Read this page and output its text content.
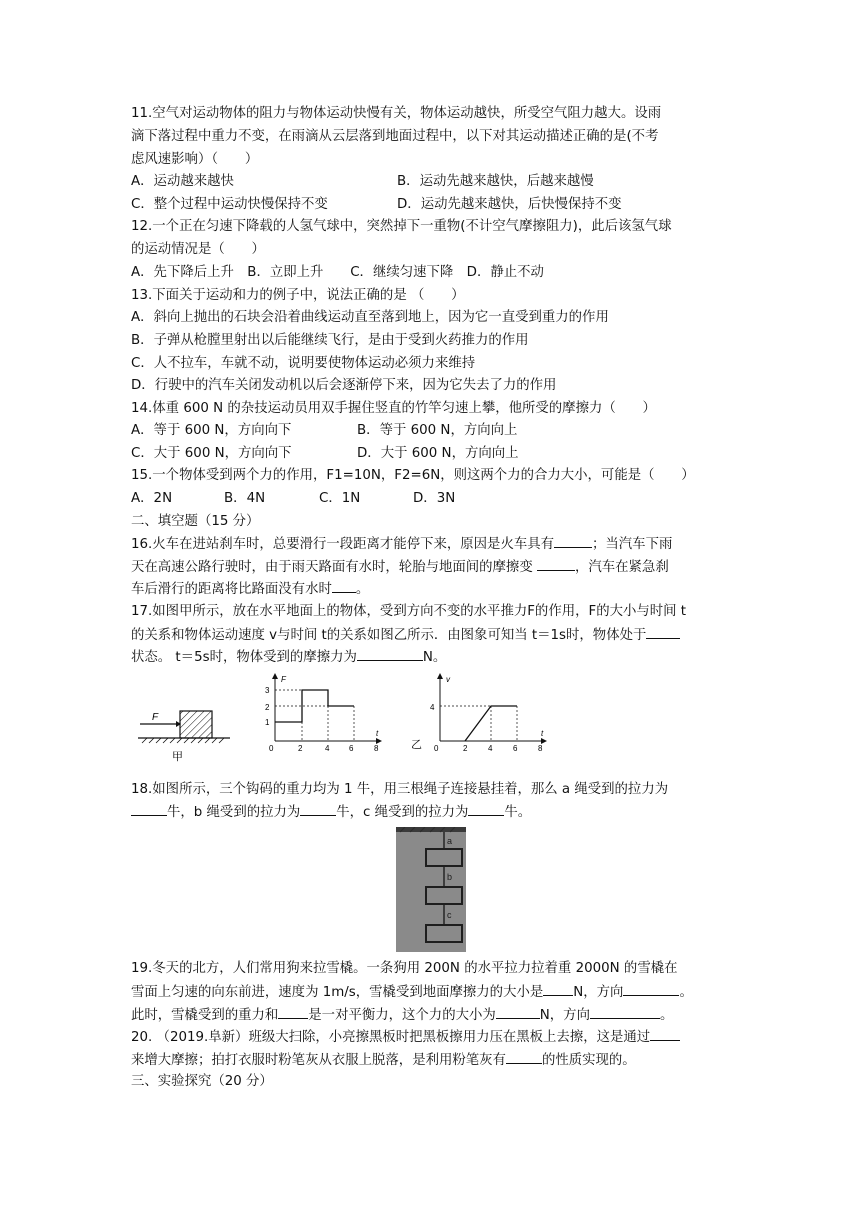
11.空气对运动物体的阻力与物体运动快慢有关，物体运动越快，所受空气阻力越大。设雨
滴下落过程中重力不变，在雨滴从云层落到地面过程中，以下对其运动描述正确的是(不考
虑风速影响）（　　）
A．运动越来越快	B．运动先越来越快，后越来越慢
C．整个过程中运动快慢保持不变	D．运动先越来越快，后快慢保持不变
12.一个正在匀速下降载的人氢气球中，突然掉下一重物(不计空气摩擦阻力)，此后该氢气球
的运动情况是（　　）
A．先下降后上升　B．立即上升　　C．继续匀速下降　D．静止不动
13.下面关于运动和力的例子中，说法正确的是 （　　）
A．斜向上抛出的石块会沿着曲线运动直至落到地上，因为它一直受到重力的作用
B．子弹从枪膛里射出以后能继续飞行，是由于受到火药推力的作用
C．人不拉车，车就不动，说明要使物体运动必须力来维持
D．行驶中的汽车关闭发动机以后会逐渐停下来，因为它失去了力的作用
14.体重 600 N 的杂技运动员用双手握住竖直的竹竿匀速上攀，他所受的摩擦力（　　）
A．等于 600 N，方向向下	B．等于 600 N，方向向上
C．大于 600 N，方向向下	D．大于 600 N，方向向上
15.一个物体受到两个力的作用，F1=10N，F2=6N，则这两个力的合力大小，可能是（　　）
A．2N	B．4N	C．1N	D．3N
二、填空题（15 分）
16.火车在进站刹车时，总要滑行一段距离才能停下来，原因是火车具有	；当汽车下雨
天在高速公路行驶时，由于雨天路面有水时，轮胎与地面间的摩擦变	，汽车在紧急刹
车后滑行的距离将比路面没有水时 。
17.如图甲所示，放在水平地面上的物体，受到方向不变的水平推力F的作用，F的大小与时间 t
的关系和物体运动速度 v与时间 t的关系如图乙所示．由图象可知当 t＝1s时，物体处于
状态。 t＝5s时，物体受到的摩擦力为	N。
F
甲
F
t
3
2
1
0	2	4 6	8
v
t
4
0	2	4	6	8
乙
18.如图所示，三个钩码的重力均为 1 牛，用三根绳子连接悬挂着，那么 a 绳受到的拉力为
牛，b 绳受到的拉力为	牛，c 绳受到的拉力为	牛。
a
b
c
19.冬天的北方，人们常用狗来拉雪橇。一条狗用 200N 的水平拉力拉着重 2000N 的雪橇在
雪面上匀速的向东前进，速度为 1m/s，雪橇受到地面摩擦力的大小是 N，方向	。
此时，雪橇受到的重力和 是一对平衡力，这个力的大小为	N，方向	。
20. （2019.阜新）班级大扫除，小亮擦黑板时把黑板擦用力压在黑板上去擦，这是通过
来增大摩擦；拍打衣服时粉笔灰从衣服上脱落，是利用粉笔灰有	的性质实现的。
三、实验探究（20 分）
